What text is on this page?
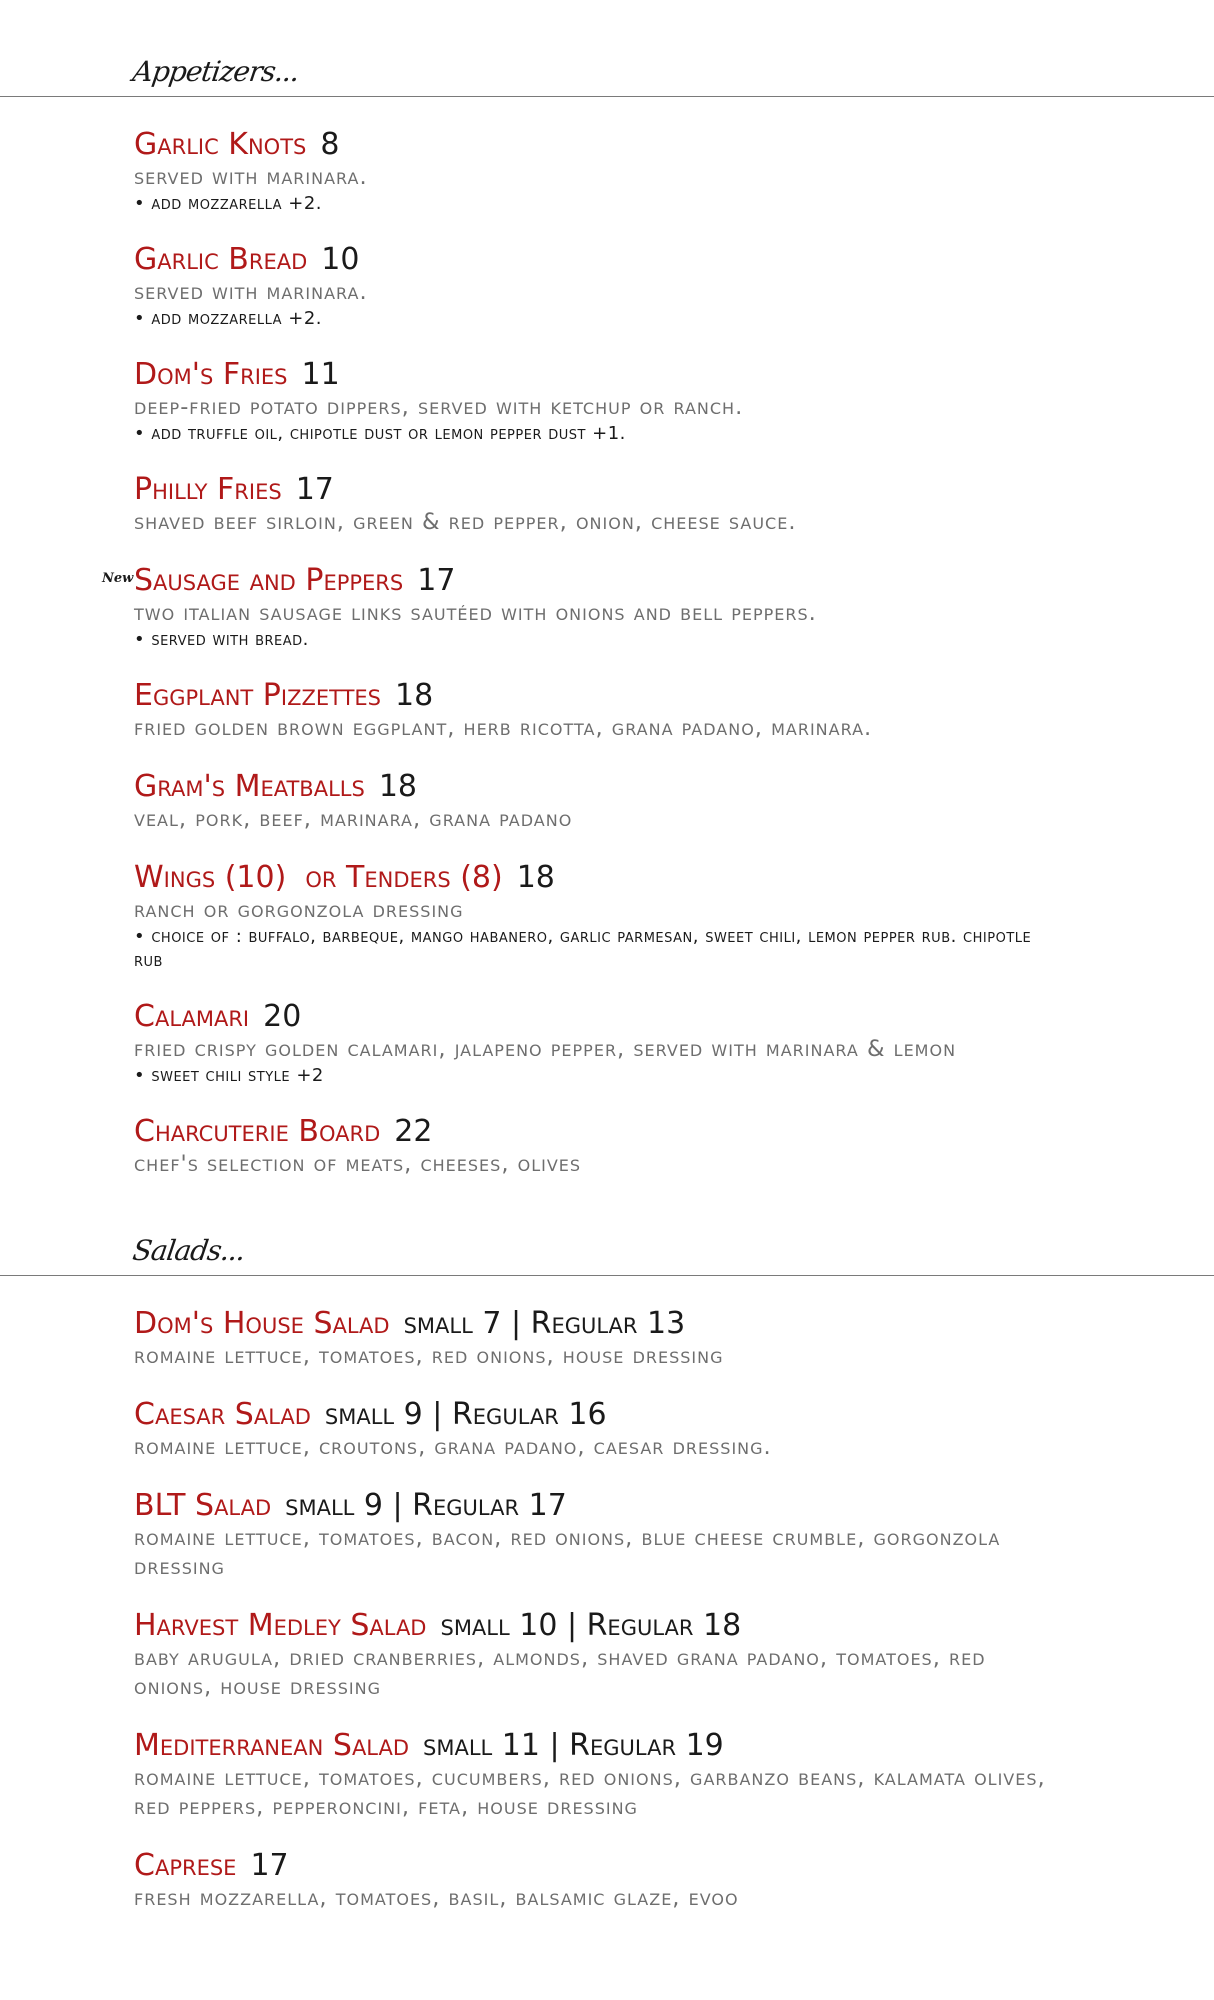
Appetizers...
Garlic Knots 8
served with marinara.
• add mozzarella +2.
Garlic Bread 10
served with marinara.
• add mozzarella +2.
Dom's Fries 11
deep-fried potato dippers, served with ketchup or ranch.
• add truffle oil, chipotle dust or lemon pepper dust +1.
Philly Fries 17
shaved beef sirloin, green & red pepper, onion, cheese sauce.
New Sausage and Peppers 17
two italian sausage links sautéed with onions and bell peppers.
• served with bread.
Eggplant Pizzettes 18
fried golden brown eggplant, herb ricotta, grana padano, marinara.
Gram's Meatballs 18
veal, pork, beef, marinara, grana padano
Wings (10)  or Tenders (8) 18
ranch or gorgonzola dressing
• choice of : buffalo, barbeque, mango habanero, garlic parmesan, sweet chili, lemon pepper rub. chipotle rub
Calamari 20
fried crispy golden calamari, jalapeno pepper, served with marinara & lemon
• sweet chili style +2
Charcuterie Board 22
chef's selection of meats, cheeses, olives
Salads...
Dom's House Salad small 7 | Regular 13
romaine lettuce, tomatoes, red onions, house dressing
Caesar Salad small 9 | Regular 16
romaine lettuce, croutons, grana padano, caesar dressing.
BLT Salad small 9 | Regular 17
romaine lettuce, tomatoes, bacon, red onions, blue cheese crumble, gorgonzola dressing
Harvest Medley Salad small 10 | Regular 18
baby arugula, dried cranberries, almonds, shaved grana padano, tomatoes, red onions, house dressing
Mediterranean Salad small 11 | Regular 19
romaine lettuce, tomatoes, cucumbers, red onions, garbanzo beans, kalamata olives, red peppers, pepperoncini, feta, house dressing
Caprese 17
fresh mozzarella, tomatoes, basil, balsamic glaze, evoo
